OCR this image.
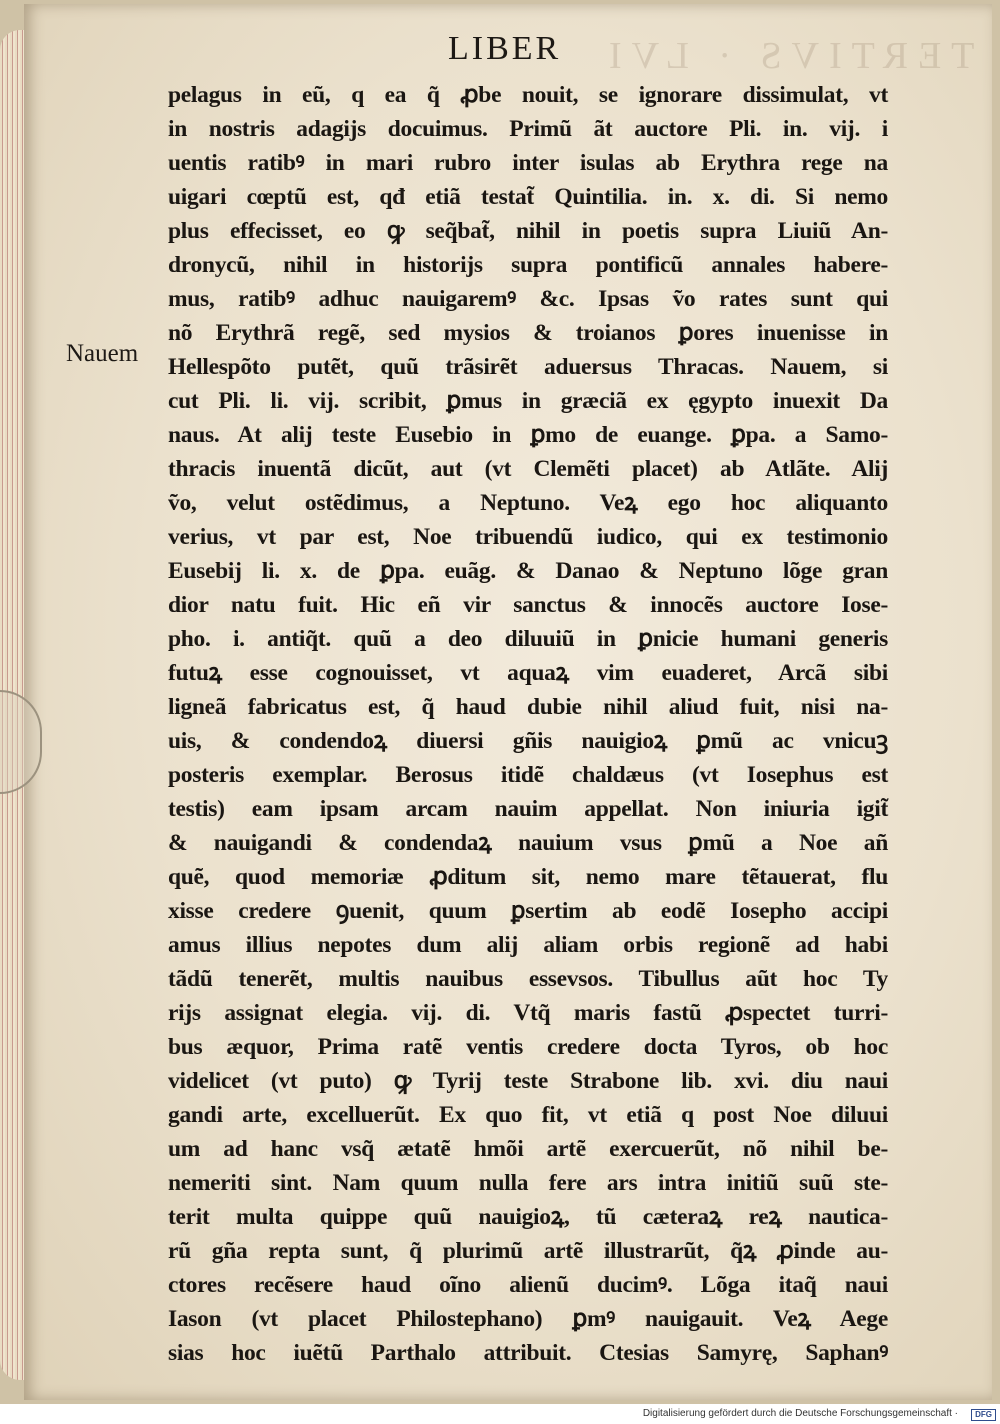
TERTIVS · LVI
LIBER
Nauem
pelagus in eũ, q ea q̃ ꝓbe nouit, se ignorare dissimulat, vt
in nostris adagijs docuimus. Primũ ãt auctore Pli. in. vij. i
uentis ratibꝰ in mari rubro inter isulas ab Erythra rege na
uigari cœptũ est, qđ etiã testat̃ Quintilia. in. x. di. Si nemo
plus effecisset, eo ꝙ seq̃bat̃, nihil in poetis supra Liuiũ An-
dronycũ, nihil in historijs supra pontificũ annales habere-
mus, ratibꝰ adhuc nauigaremꝰ &c. Ipsas ṽo rates sunt qui
nõ Erythrã regẽ, sed mysios & troianos ꝑores inuenisse in
Hellespõto putẽt, quũ trãsirẽt aduersus Thracas. Nauem, si
cut Pli. li. vij. scribit, ꝑmus in græciã ex ęgypto inuexit Da
naus. At alij teste Eusebio in ꝑmo de euange. ꝑpa. a Samo-
thracis inuentã dicũt, aut (vt Clemẽti placet) ab Atlãte. Alij
ṽo, velut ostẽdimus, a Neptuno. Veꝝ ego hoc aliquanto
verius, vt par est, Noe tribuendũ iudico, qui ex testimonio
Eusebij li. x. de ꝑpa. euãg. & Danao & Neptuno lõge gran
dior natu fuit. Hic eñ vir sanctus & innocẽs auctore Iose-
pho. i. antiq̃t. quũ a deo diluuiũ in ꝑnicie humani generis
futuꝝ esse cognouisset, vt aquaꝝ vim euaderet, Arcã sibi
ligneã fabricatus est, q̃ haud dubie nihil aliud fuit, nisi na-
uis, & condendoꝝ diuersi gñis nauigioꝝ ꝑmũ ac vnicuꝫ
posteris exemplar. Berosus itidẽ chaldæus (vt Iosephus est
testis) eam ipsam arcam nauim appellat. Non iniuria igit̃
& nauigandi & condendaꝝ nauium vsus ꝑmũ a Noe añ
quẽ, quod memoriæ ꝓditum sit, nemo mare tẽtauerat, flu
xisse credere ꝯuenit, quum ꝑsertim ab eodẽ Iosepho accipi
amus illius nepotes dum alij aliam orbis regionẽ ad habi
tãdũ tenerẽt, multis nauibus essevsos. Tibullus aũt hoc Ty
rijs assignat elegia. vij. di. Vtq̃ maris fastũ ꝓspectet turri-
bus æquor, Prima ratẽ ventis credere docta Tyros, ob hoc
videlicet (vt puto) ꝙ Tyrij teste Strabone lib. xvi. diu naui
gandi arte, excelluerũt. Ex quo fit, vt etiã q post Noe diluui
um ad hanc vsq̃ ætatẽ hmõi artẽ exercuerũt, nõ nihil be-
nemeriti sint. Nam quum nulla fere ars intra initiũ suũ ste-
terit multa quippe quũ nauigioꝝ, tũ cæteraꝝ reꝝ nautica-
rũ gña repta sunt, q̃ plurimũ artẽ illustrarũt, q̃ꝝ ꝓinde au-
ctores recẽsere haud oĩno alienũ ducimꝰ. Lõga itaq̃ naui
Iason (vt placet Philostephano) ꝑmꝰ nauigauit. Veꝝ Aege
sias hoc iuẽtũ Parthalo attribuit. Ctesias Samyrę, Saphanꝰ
Digitalisierung gefördert durch die Deutsche Forschungsgemeinschaft ·	DFG
